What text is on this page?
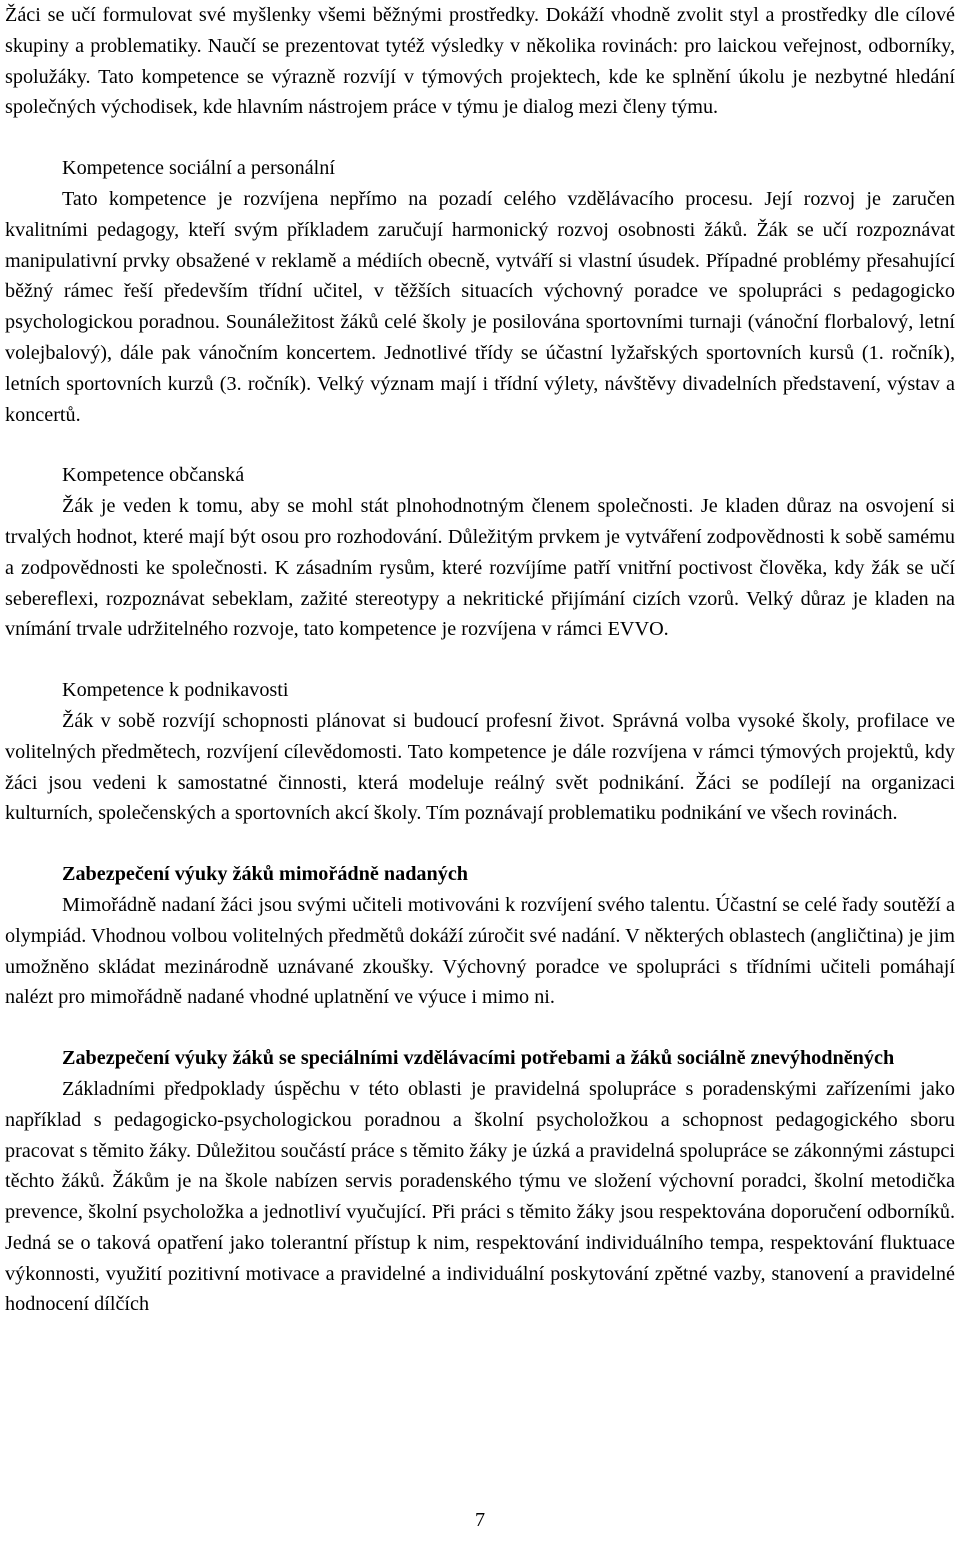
Žáci se učí formulovat své myšlenky všemi běžnými prostředky. Dokáží vhodně zvolit styl a prostředky dle cílové skupiny a problematiky. Naučí se prezentovat tytéž výsledky v několika rovinách: pro laickou veřejnost, odborníky, spolužáky. Tato kompetence se výrazně rozvíjí v týmových projektech, kde ke splnění úkolu je nezbytné hledání společných východisek, kde hlavním nástrojem práce v týmu je dialog mezi členy týmu.

Kompetence sociální a personální

Tato kompetence je rozvíjena nepřímo na pozadí celého vzdělávacího procesu. Její rozvoj je zaručen kvalitními pedagogy, kteří svým příkladem zaručují harmonický rozvoj osobnosti žáků. Žák se učí rozpoznávat manipulativní prvky obsažené v reklamě a médiích obecně, vytváří si vlastní úsudek. Případné problémy přesahující běžný rámec řeší především třídní učitel, v těžších situacích výchovný poradce ve spolupráci s pedagogicko psychologickou poradnou. Sounáležitost žáků celé školy je posilována sportovními turnaji (vánoční florbalový, letní volejbalový), dále pak vánočním koncertem. Jednotlivé třídy se účastní lyžařských sportovních kursů (1. ročník), letních sportovních kurzů (3. ročník). Velký význam mají i třídní výlety, návštěvy divadelních představení, výstav a koncertů.

Kompetence občanská

Žák je veden k tomu, aby se mohl stát plnohodnotným členem společnosti. Je kladen důraz na osvojení si trvalých hodnot, které mají být osou pro rozhodování. Důležitým prvkem je vytváření zodpovědnosti k sobě samému a zodpovědnosti ke společnosti. K zásadním rysům, které rozvíjíme patří vnitřní poctivost člověka, kdy žák se učí sebereflexi, rozpoznávat sebeklam, zažité stereotypy a nekritické přijímání cizích vzorů. Velký důraz je kladen na vnímání trvale udržitelného rozvoje, tato kompetence je rozvíjena v rámci EVVO.

Kompetence k podnikavosti

Žák v sobě rozvíjí schopnosti plánovat si budoucí profesní život. Správná volba vysoké školy, profilace ve volitelných předmětech, rozvíjení cílevědomosti. Tato kompetence je dále rozvíjena v rámci týmových projektů, kdy žáci jsou vedeni k samostatné činnosti, která modeluje reálný svět podnikání. Žáci se podílejí na organizaci kulturních, společenských a sportovních akcí školy. Tím poznávají problematiku podnikání ve všech rovinách.

Zabezpečení výuky žáků mimořádně nadaných

Mimořádně nadaní žáci jsou svými učiteli motivováni k rozvíjení svého talentu. Účastní se celé řady soutěží a olympiád. Vhodnou volbou volitelných předmětů dokáží zúročit své nadání. V některých oblastech (angličtina) je jim umožněno skládat mezinárodně uznávané zkoušky. Výchovný poradce ve spolupráci s třídními učiteli pomáhají nalézt pro mimořádně nadané vhodné uplatnění ve výuce i mimo ni.

Zabezpečení výuky žáků se speciálními vzdělávacími potřebami a žáků sociálně znevýhodněných

Základními předpoklady úspěchu v této oblasti je pravidelná spolupráce s poradenskými zařízeními jako například s pedagogicko-psychologickou poradnou a školní psycholožkou a schopnost pedagogického sboru pracovat s těmito žáky. Důležitou součástí práce s těmito žáky je úzká a pravidelná spolupráce se zákonnými zástupci těchto žáků. Žákům je na škole nabízen servis poradenského týmu ve složení výchovní poradci, školní metodička prevence, školní psycholožka a jednotliví vyučující. Při práci s těmito žáky jsou respektována doporučení odborníků. Jedná se o taková opatření jako tolerantní přístup k nim, respektování individuálního tempa, respektování fluktuace výkonnosti, využití pozitivní motivace a pravidelné a individuální poskytování zpětné vazby, stanovení a pravidelné hodnocení dílčích

7
